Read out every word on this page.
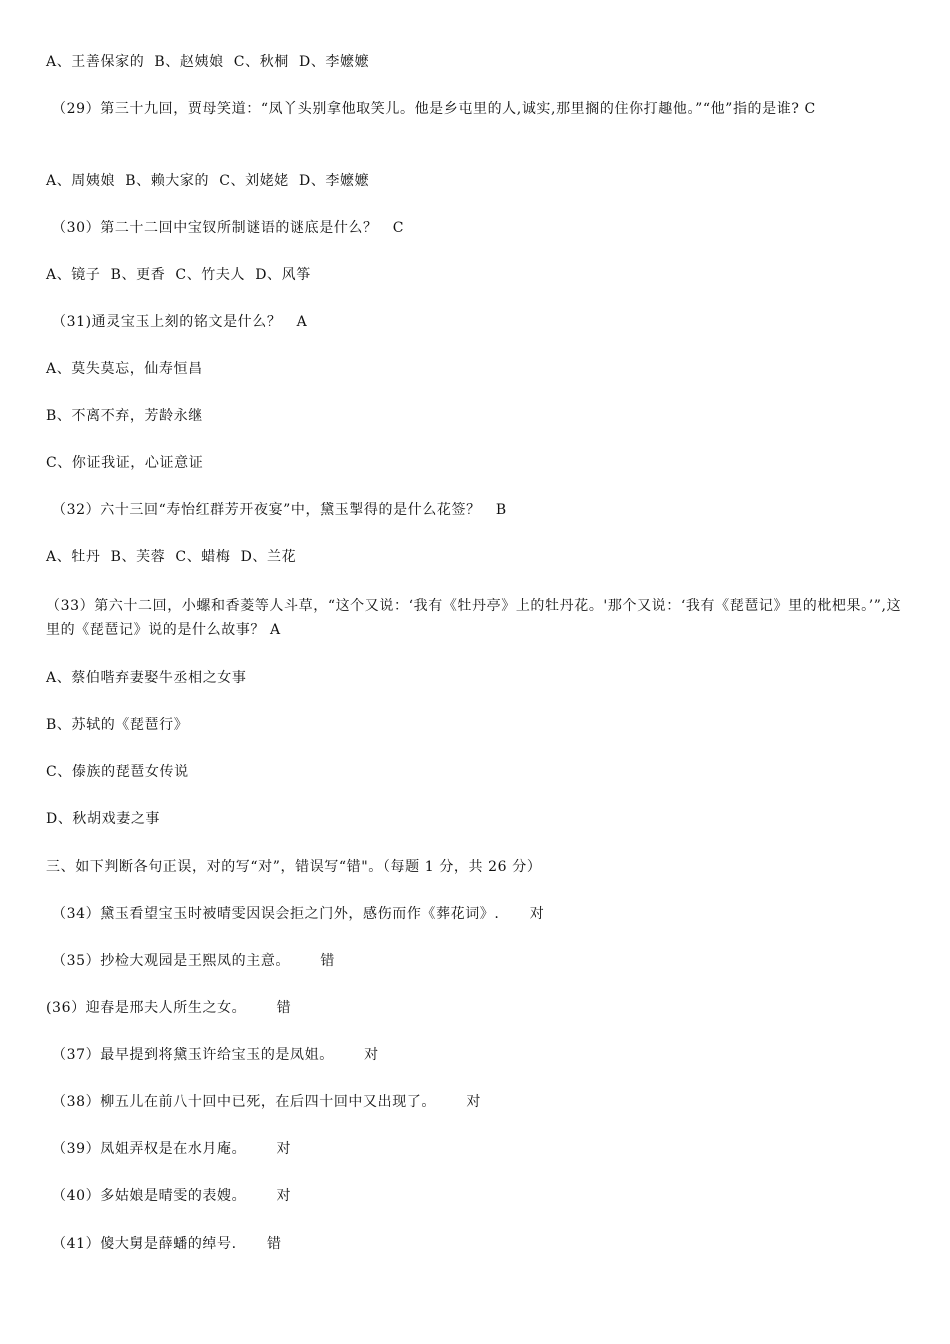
A、王善保家的  B、赵姨娘  C、秋桐  D、李嬷嬷
（29）第三十九回，贾母笑道：“凤丫头别拿他取笑儿。他是乡屯里的人,诚实,那里搁的住你打趣他。”“他”指的是谁? C
A、周姨娘  B、赖大家的  C、刘姥姥  D、李嬷嬷
（30）第二十二回中宝钗所制谜语的谜底是什么？   C
A、镜子  B、更香  C、竹夫人  D、风筝
（31)通灵宝玉上刻的铭文是什么？   A
A、莫失莫忘，仙寿恒昌
B、不离不弃，芳龄永继
C、你证我证，心证意证
（32）六十三回“寿怡红群芳开夜宴”中，黛玉掣得的是什么花签？   B
A、牡丹  B、芙蓉  C、蜡梅  D、兰花
（33）第六十二回，小螺和香菱等人斗草，“这个又说：‘我有《牡丹亭》上的牡丹花。'那个又说：‘我有《琵琶记》里的枇杷果。’”,这里的《琵琶记》说的是什么故事？ A
A、蔡伯喈弃妻娶牛丞相之女事
B、苏轼的《琵琶行》
C、傣族的琵琶女传说
D、秋胡戏妻之事
三、如下判断各句正误，对的写“对”，错误写“错"。（每题 1 分，共 26 分）
（34）黛玉看望宝玉时被晴雯因误会拒之门外，感伤而作《葬花词》.      对
（35）抄检大观园是王熙凤的主意。      错
(36）迎春是邢夫人所生之女。      错
（37）最早提到将黛玉许给宝玉的是凤姐。      对
（38）柳五儿在前八十回中已死，在后四十回中又出现了。      对
（39）凤姐弄权是在水月庵。      对
（40）多姑娘是晴雯的表嫂。      对
（41）傻大舅是薛蟠的绰号.      错
